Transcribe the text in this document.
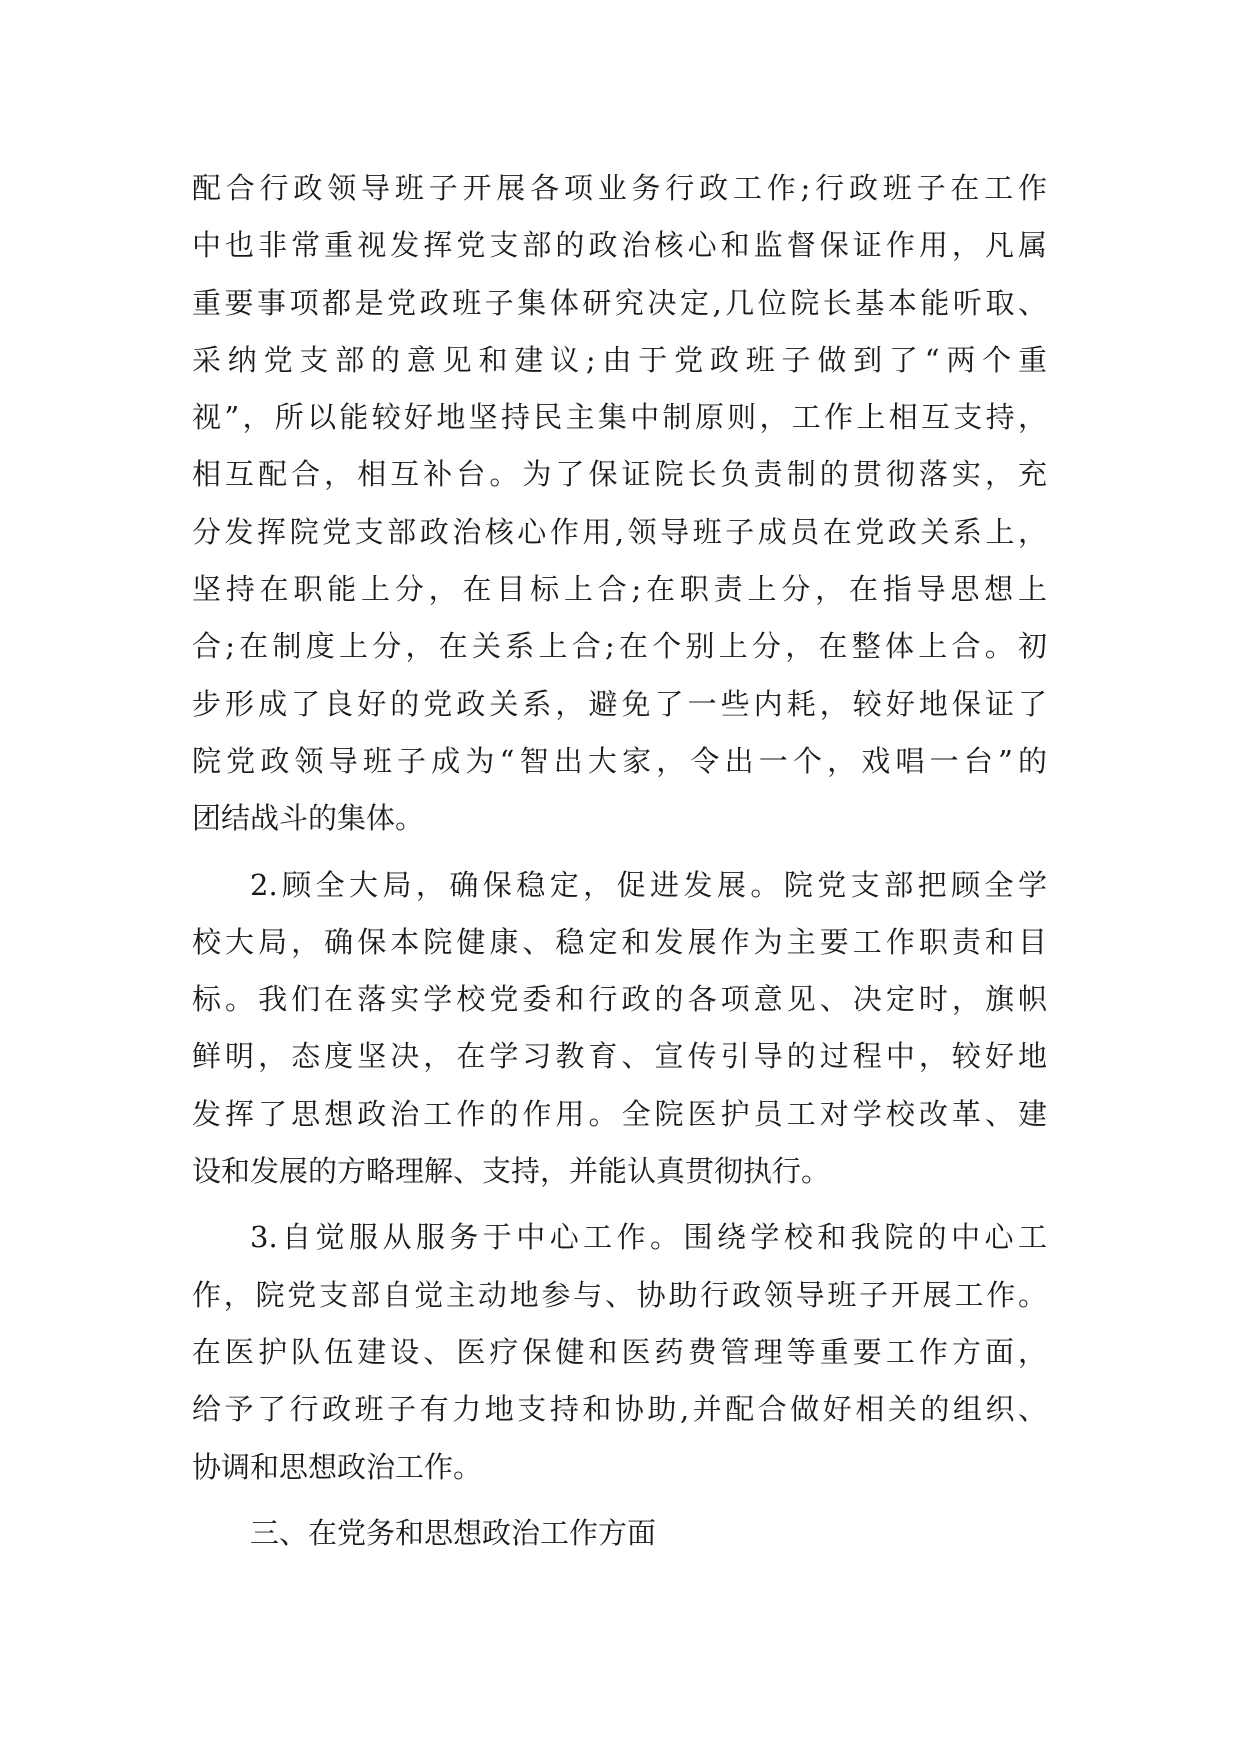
配合行政领导班子开展各项业务行政工作;行政班子在工作
中也非常重视发挥党支部的政治核心和监督保证作用，凡属
重要事项都是党政班子集体研究决定,几位院长基本能听取、
采纳党支部的意见和建议;由于党政班子做到了“两个重
视”，所以能较好地坚持民主集中制原则，工作上相互支持，
相互配合，相互补台。为了保证院长负责制的贯彻落实，充
分发挥院党支部政治核心作用,领导班子成员在党政关系上，
坚持在职能上分，在目标上合;在职责上分，在指导思想上
合;在制度上分，在关系上合;在个别上分，在整体上合。初
步形成了良好的党政关系，避免了一些内耗，较好地保证了
院党政领导班子成为“智出大家，令出一个，戏唱一台”的
团结战斗的集体。
2.顾全大局，确保稳定，促进发展。院党支部把顾全学
校大局，确保本院健康、稳定和发展作为主要工作职责和目
标。我们在落实学校党委和行政的各项意见、决定时，旗帜
鲜明，态度坚决，在学习教育、宣传引导的过程中，较好地
发挥了思想政治工作的作用。全院医护员工对学校改革、建
设和发展的方略理解、支持，并能认真贯彻执行。
3.自觉服从服务于中心工作。围绕学校和我院的中心工
作，院党支部自觉主动地参与、协助行政领导班子开展工作。
在医护队伍建设、医疗保健和医药费管理等重要工作方面，
给予了行政班子有力地支持和协助,并配合做好相关的组织、
协调和思想政治工作。
三、在党务和思想政治工作方面
